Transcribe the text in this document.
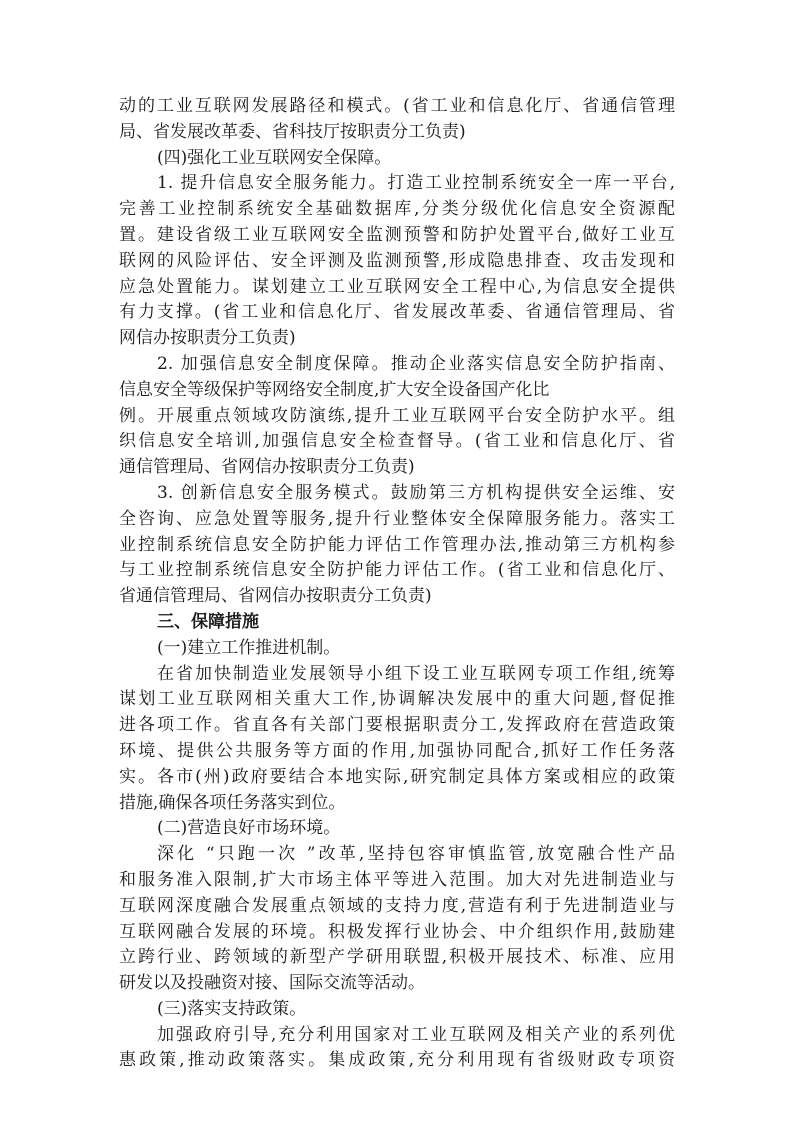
动的工业互联网发展路径和模式。(省工业和信息化厅、省通信管理
局、省发展改革委、省科技厅按职责分工负责)
(四)强化工业互联网安全保障。
1. 提升信息安全服务能力。打造工业控制系统安全一库一平台,
完善工业控制系统安全基础数据库,分类分级优化信息安全资源配
置。建设省级工业互联网安全监测预警和防护处置平台,做好工业互
联网的风险评估、安全评测及监测预警,形成隐患排查、攻击发现和
应急处置能力。谋划建立工业互联网安全工程中心,为信息安全提供
有力支撑。(省工业和信息化厅、省发展改革委、省通信管理局、省
网信办按职责分工负责)
2. 加强信息安全制度保障。推动企业落实信息安全防护指南、
信息安全等级保护等网络安全制度,扩大安全设备国产化比
例。开展重点领域攻防演练,提升工业互联网平台安全防护水平。组
织信息安全培训,加强信息安全检查督导。(省工业和信息化厅、省
通信管理局、省网信办按职责分工负责)
3. 创新信息安全服务模式。鼓励第三方机构提供安全运维、安
全咨询、应急处置等服务,提升行业整体安全保障服务能力。落实工
业控制系统信息安全防护能力评估工作管理办法,推动第三方机构参
与工业控制系统信息安全防护能力评估工作。(省工业和信息化厅、
省通信管理局、省网信办按职责分工负责)
三、保障措施
(一)建立工作推进机制。
在省加快制造业发展领导小组下设工业互联网专项工作组,统筹
谋划工业互联网相关重大工作,协调解决发展中的重大问题,督促推
进各项工作。省直各有关部门要根据职责分工,发挥政府在营造政策
环境、提供公共服务等方面的作用,加强协同配合,抓好工作任务落
实。各市(州)政府要结合本地实际,研究制定具体方案或相应的政策
措施,确保各项任务落实到位。
(二)营造良好市场环境。
深化 “只跑一次 ”改革,坚持包容审慎监管,放宽融合性产品
和服务准入限制,扩大市场主体平等进入范围。加大对先进制造业与
互联网深度融合发展重点领域的支持力度,营造有利于先进制造业与
互联网融合发展的环境。积极发挥行业协会、中介组织作用,鼓励建
立跨行业、跨领域的新型产学研用联盟,积极开展技术、标准、应用
研发以及投融资对接、国际交流等活动。
(三)落实支持政策。
加强政府引导,充分利用国家对工业互联网及相关产业的系列优
惠政策,推动政策落实。集成政策,充分利用现有省级财政专项资
